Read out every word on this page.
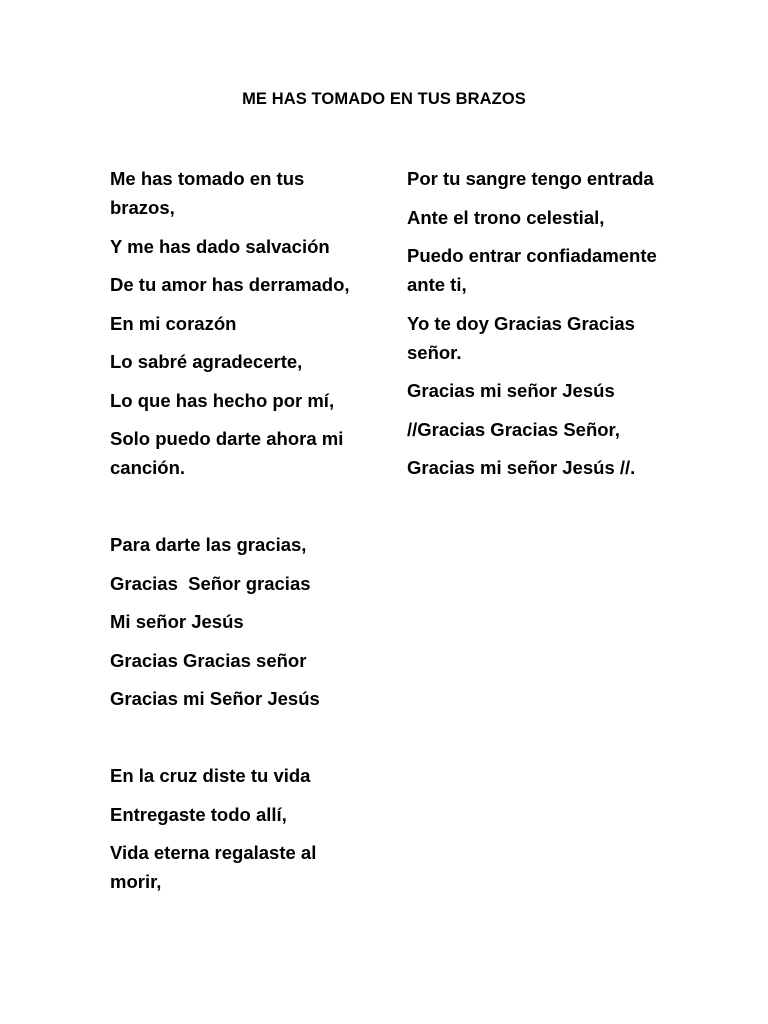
ME HAS TOMADO EN TUS BRAZOS
Me has tomado en tus brazos,
Y me has dado salvación
De tu amor has derramado,
En mi corazón
Lo sabré agradecerte,
Lo que has hecho por mí,
Solo puedo darte ahora mi canción.
Para darte las gracias,
Gracias  Señor gracias
Mi señor Jesús
Gracias Gracias señor
Gracias mi Señor Jesús
En la cruz diste tu vida
Entregaste todo allí,
Vida eterna regalaste al morir,
Por tu sangre tengo entrada
Ante el trono celestial,
Puedo entrar confiadamente ante ti,
Yo te doy Gracias Gracias señor.
Gracias mi señor Jesús
//Gracias Gracias Señor,
Gracias mi señor Jesús //.
